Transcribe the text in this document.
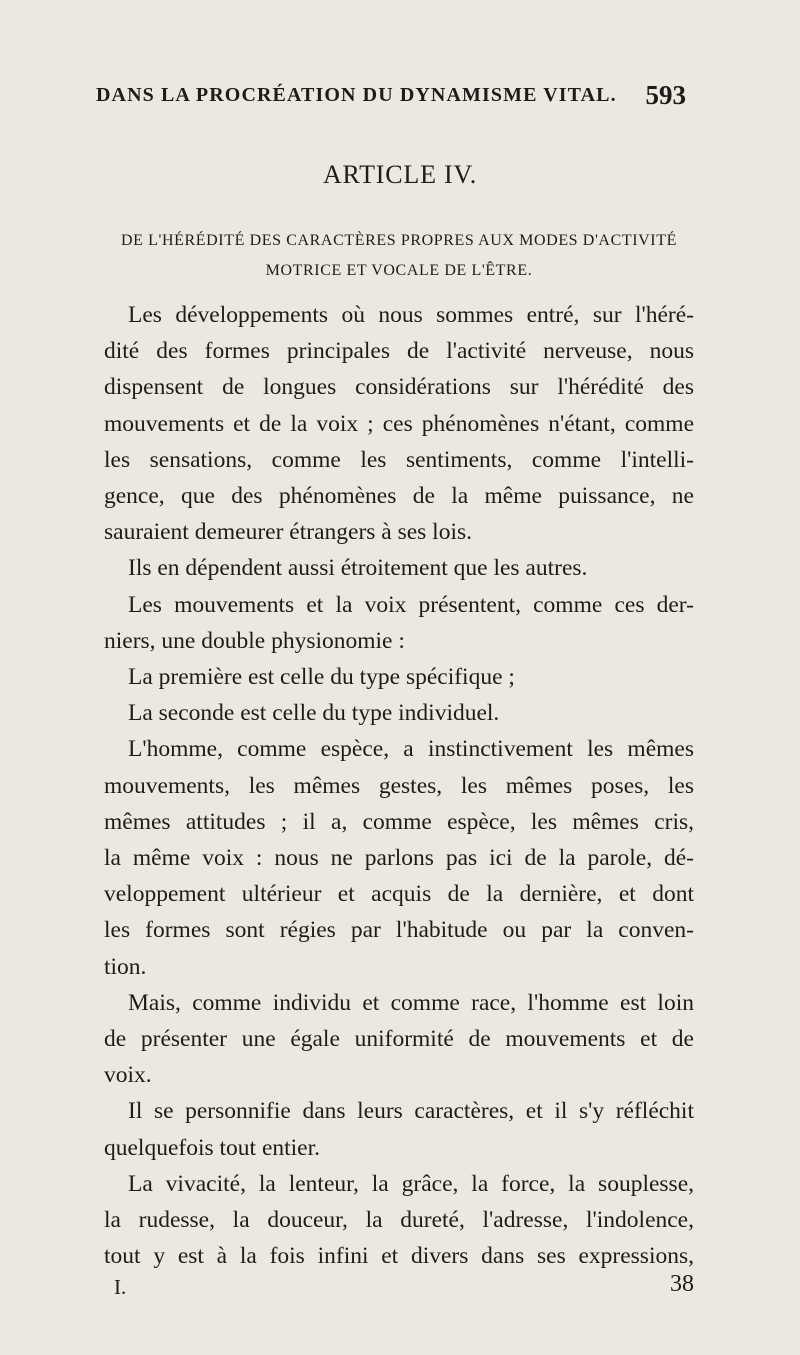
DANS LA PROCRÉATION DU DYNAMISME VITAL. 593
ARTICLE IV.
DE L'HÉRÉDITÉ DES CARACTÈRES PROPRES AUX MODES D'ACTIVITÉ
MOTRICE ET VOCALE DE L'ÊTRE.
Les développements où nous sommes entré, sur l'héré-
dité des formes principales de l'activité nerveuse, nous
dispensent de longues considérations sur l'hérédité des
mouvements et de la voix ; ces phénomènes n'étant, comme
les sensations, comme les sentiments, comme l'intelli-
gence, que des phénomènes de la même puissance, ne
sauraient demeurer étrangers à ses lois.
Ils en dépendent aussi étroitement que les autres.
Les mouvements et la voix présentent, comme ces der-
niers, une double physionomie :
La première est celle du type spécifique ;
La seconde est celle du type individuel.
L'homme, comme espèce, a instinctivement les mêmes
mouvements, les mêmes gestes, les mêmes poses, les
mêmes attitudes ; il a, comme espèce, les mêmes cris,
la même voix : nous ne parlons pas ici de la parole, dé-
veloppement ultérieur et acquis de la dernière, et dont
les formes sont régies par l'habitude ou par la conven-
tion.
Mais, comme individu et comme race, l'homme est loin
de présenter une égale uniformité de mouvements et de
voix.
Il se personnifie dans leurs caractères, et il s'y réfléchit
quelquefois tout entier.
La vivacité, la lenteur, la grâce, la force, la souplesse,
la rudesse, la douceur, la dureté, l'adresse, l'indolence,
tout y est à la fois infini et divers dans ses expressions,
I.	38
